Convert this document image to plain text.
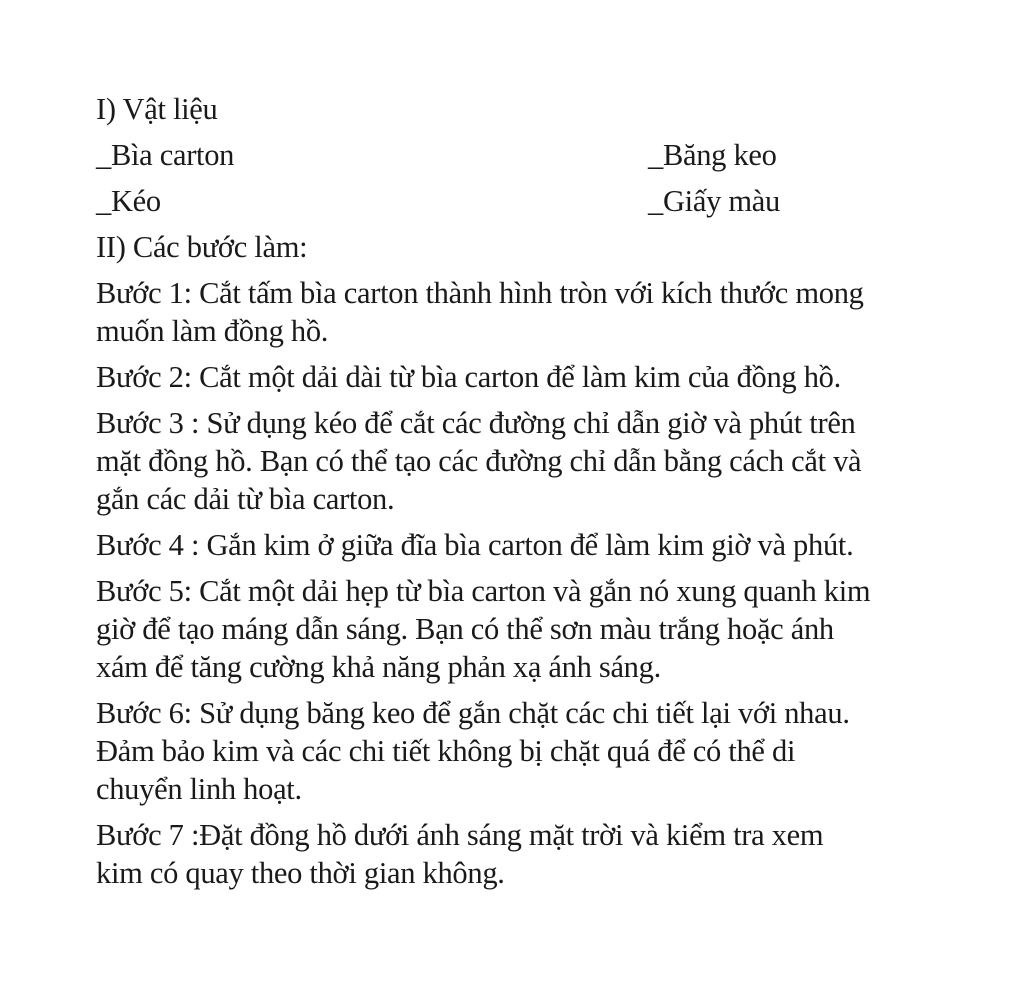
I) Vật liệu
_Bìa carton	_Băng keo
_Kéo	_Giấy màu
II) Các bước làm:
Bước 1: Cắt tấm bìa carton thành hình tròn với kích thước mong
muốn làm đồng hồ.
Bước 2: Cắt một dải dài từ bìa carton để làm kim của đồng hồ.
Bước 3 : Sử dụng kéo để cắt các đường chỉ dẫn giờ và phút trên
mặt đồng hồ. Bạn có thể tạo các đường chỉ dẫn bằng cách cắt và
gắn các dải từ bìa carton.
Bước 4 : Gắn kim ở giữa đĩa bìa carton để làm kim giờ và phút.
Bước 5: Cắt một dải hẹp từ bìa carton và gắn nó xung quanh kim
giờ để tạo máng dẫn sáng. Bạn có thể sơn màu trắng hoặc ánh
xám để tăng cường khả năng phản xạ ánh sáng.
Bước 6: Sử dụng băng keo để gắn chặt các chi tiết lại với nhau.
Đảm bảo kim và các chi tiết không bị chặt quá để có thể di
chuyển linh hoạt.
Bước 7 :Đặt đồng hồ dưới ánh sáng mặt trời và kiểm tra xem
kim có quay theo thời gian không.
